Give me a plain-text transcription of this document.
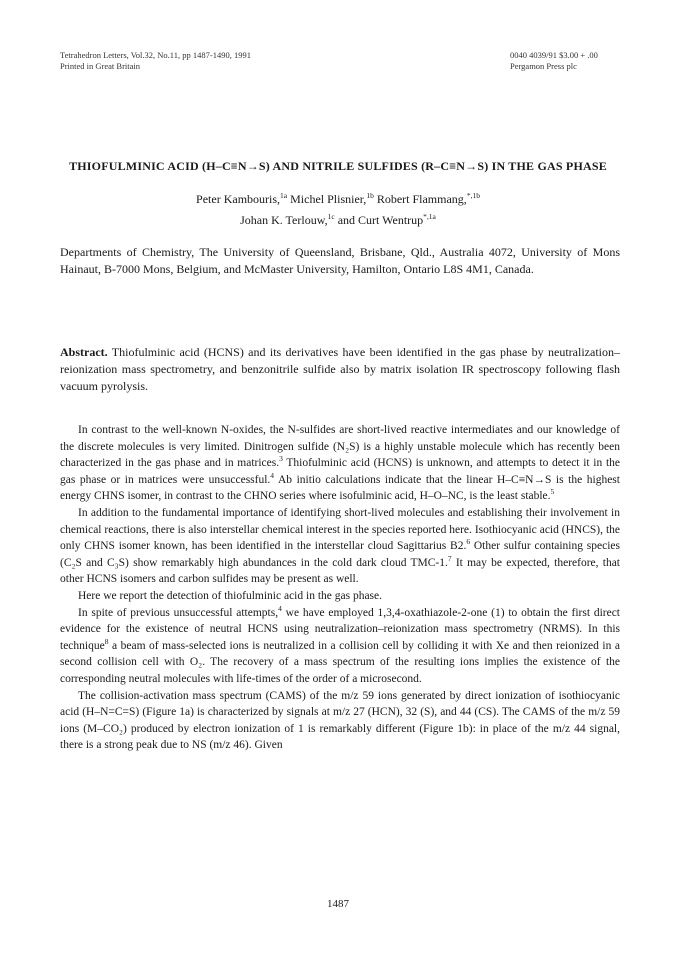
Tetrahedron Letters, Vol.32, No.11, pp 1487-1490, 1991
Printed in Great Britain
0040 4039/91 $3.00 + .00
Pergamon Press plc
THIOFULMINIC ACID (H–C≡N→S) AND NITRILE SULFIDES (R–C≡N→S) IN THE GAS PHASE
Peter Kambouris,$^{1a}$ Michel Plisnier,$^{1b}$ Robert Flammang,$^{*,1b}$
Johan K. Terlouw,$^{1c}$ and Curt Wentrup$^{*,1a}$
Departments of Chemistry, The University of Queensland, Brisbane, Qld., Australia 4072, University of Mons Hainaut, B-7000 Mons, Belgium, and McMaster University, Hamilton, Ontario L8S 4M1, Canada.
Abstract. Thiofulminic acid (HCNS) and its derivatives have been identified in the gas phase by neutralization–reionization mass spectrometry, and benzonitrile sulfide also by matrix isolation IR spectroscopy following flash vacuum pyrolysis.

In contrast to the well-known N-oxides, the N-sulfides are short-lived reactive intermediates and our knowledge of the discrete molecules is very limited. Dinitrogen sulfide (N₂S) is a highly unstable molecule which has recently been characterized in the gas phase and in matrices.$^3$ Thiofulminic acid (HCNS) is unknown, and attempts to detect it in the gas phase or in matrices were unsuccessful.$^4$ Ab initio calculations indicate that the linear H–C≡N→S is the highest energy CHNS isomer, in contrast to the CHNO series where isofulminic acid, H–O–NC, is the least stable.$^5$

In addition to the fundamental importance of identifying short-lived molecules and establishing their involvement in chemical reactions, there is also interstellar chemical interest in the species reported here. Isothiocyanic acid (HNCS), the only CHNS isomer known, has been identified in the interstellar cloud Sagittarius B2.$^6$ Other sulfur containing species (C₂S and C₃S) show remarkably high abundances in the cold dark cloud TMC-1.$^7$ It may be expected, therefore, that other HCNS isomers and carbon sulfides may be present as well.

Here we report the detection of thiofulminic acid in the gas phase.

In spite of previous unsuccessful attempts,$^4$ we have employed 1,3,4-oxathiazole-2-one (1) to obtain the first direct evidence for the existence of neutral HCNS using neutralization–reionization mass spectrometry (NRMS). In this technique$^8$ a beam of mass-selected ions is neutralized in a collision cell by colliding it with Xe and then reionized in a second collision cell with O₂. The recovery of a mass spectrum of the resulting ions implies the existence of the corresponding neutral molecules with life-times of the order of a microsecond.

The collision-activation mass spectrum (CAMS) of the m/z 59 ions generated by direct ionization of isothiocyanic acid (H–N=C=S) (Figure 1a) is characterized by signals at m/z 27 (HCN), 32 (S), and 44 (CS). The CAMS of the m/z 59 ions (M–CO₂) produced by electron ionization of 1 is remarkably different (Figure 1b): in place of the m/z 44 signal, there is a strong peak due to NS (m/z 46). Given

1487
